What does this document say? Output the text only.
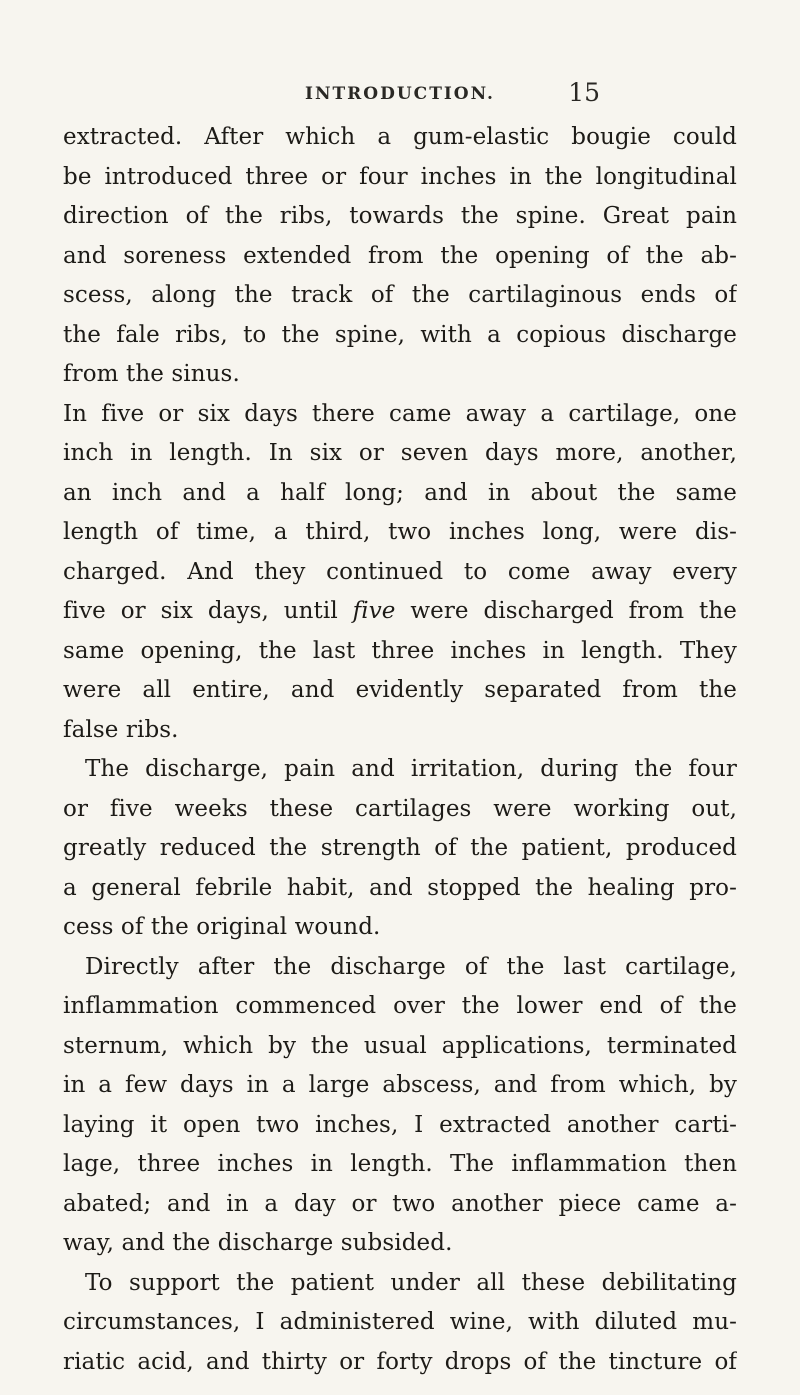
INTRODUCTION.	15
extracted. After which a gum-elastic bougie could
be introduced three or four inches in the longitudinal
direction of the ribs, towards the spine. Great pain
and soreness extended from the opening of the ab-
scess, along the track of the cartilaginous ends of
the fale ribs, to the spine, with a copious discharge
from the sinus.
In five or six days there came away a cartilage, one
inch in length. In six or seven days more, another,
an inch and a half long; and in about the same
length of time, a third, two inches long, were dis-
charged. And they continued to come away every
five or six days, until five were discharged from the
same opening, the last three inches in length. They
were all entire, and evidently separated from the
false ribs.
The discharge, pain and irritation, during the four
or five weeks these cartilages were working out,
greatly reduced the strength of the patient, produced
a general febrile habit, and stopped the healing pro-
cess of the original wound.
Directly after the discharge of the last cartilage,
inflammation commenced over the lower end of the
sternum, which by the usual applications, terminated
in a few days in a large abscess, and from which, by
laying it open two inches, I extracted another carti-
lage, three inches in length. The inflammation then
abated; and in a day or two another piece came a-
way, and the discharge subsided.
To support the patient under all these debilitating
circumstances, I administered wine, with diluted mu-
riatic acid, and thirty or forty drops of the tincture of
